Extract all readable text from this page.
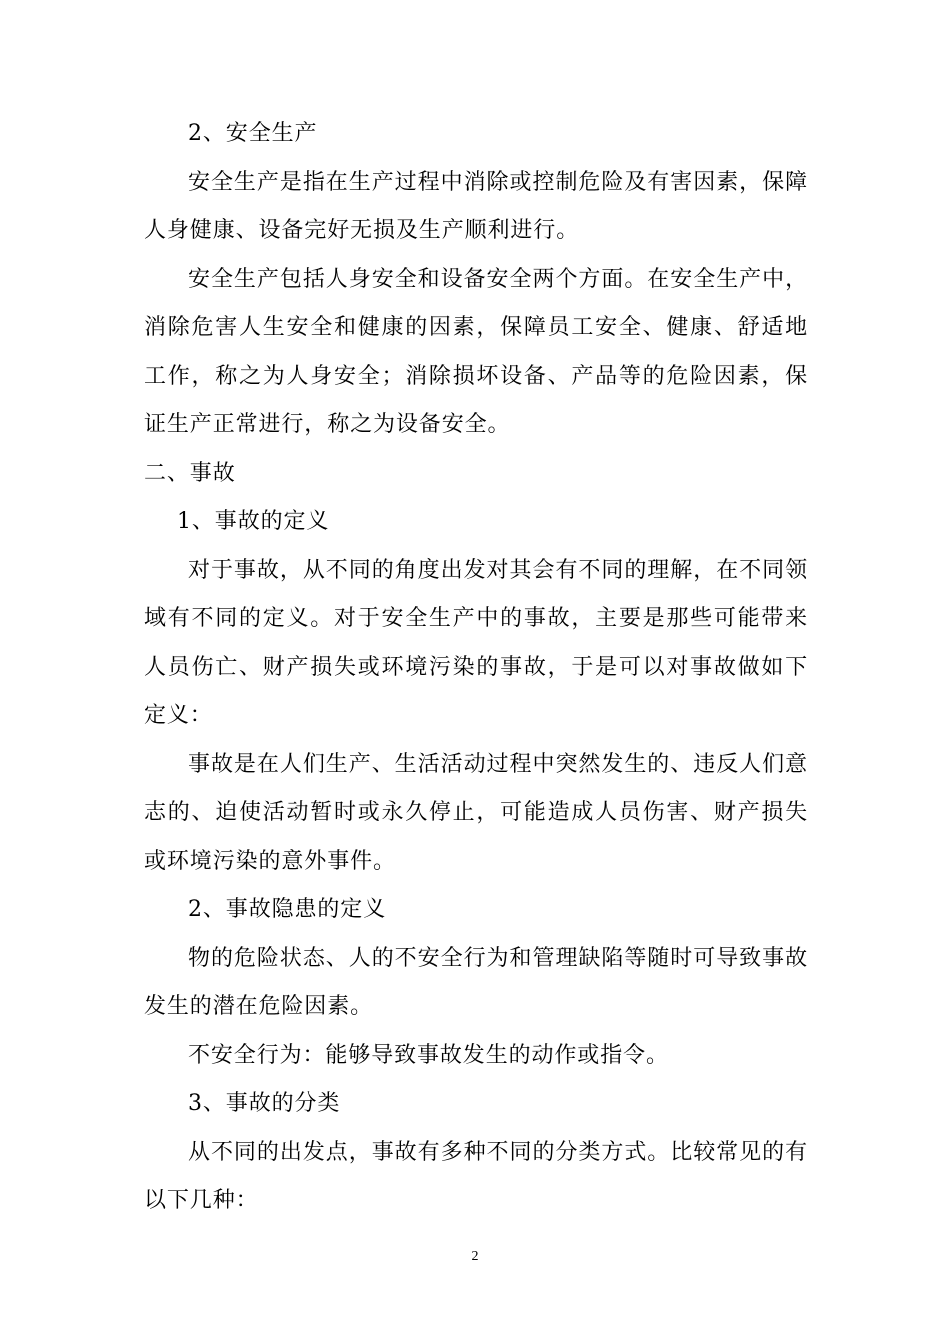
2、安全生产

安全生产是指在生产过程中消除或控制危险及有害因素，保障人身健康、设备完好无损及生产顺利进行。

安全生产包括人身安全和设备安全两个方面。在安全生产中，消除危害人生安全和健康的因素，保障员工安全、健康、舒适地工作，称之为人身安全；消除损坏设备、产品等的危险因素，保证生产正常进行，称之为设备安全。

二、事故

1、事故的定义

对于事故，从不同的角度出发对其会有不同的理解，在不同领域有不同的定义。对于安全生产中的事故，主要是那些可能带来人员伤亡、财产损失或环境污染的事故，于是可以对事故做如下定义：

事故是在人们生产、生活活动过程中突然发生的、违反人们意志的、迫使活动暂时或永久停止，可能造成人员伤害、财产损失或环境污染的意外事件。

2、事故隐患的定义

物的危险状态、人的不安全行为和管理缺陷等随时可导致事故发生的潜在危险因素。

不安全行为：能够导致事故发生的动作或指令。

3、事故的分类

从不同的出发点，事故有多种不同的分类方式。比较常见的有以下几种：

2
